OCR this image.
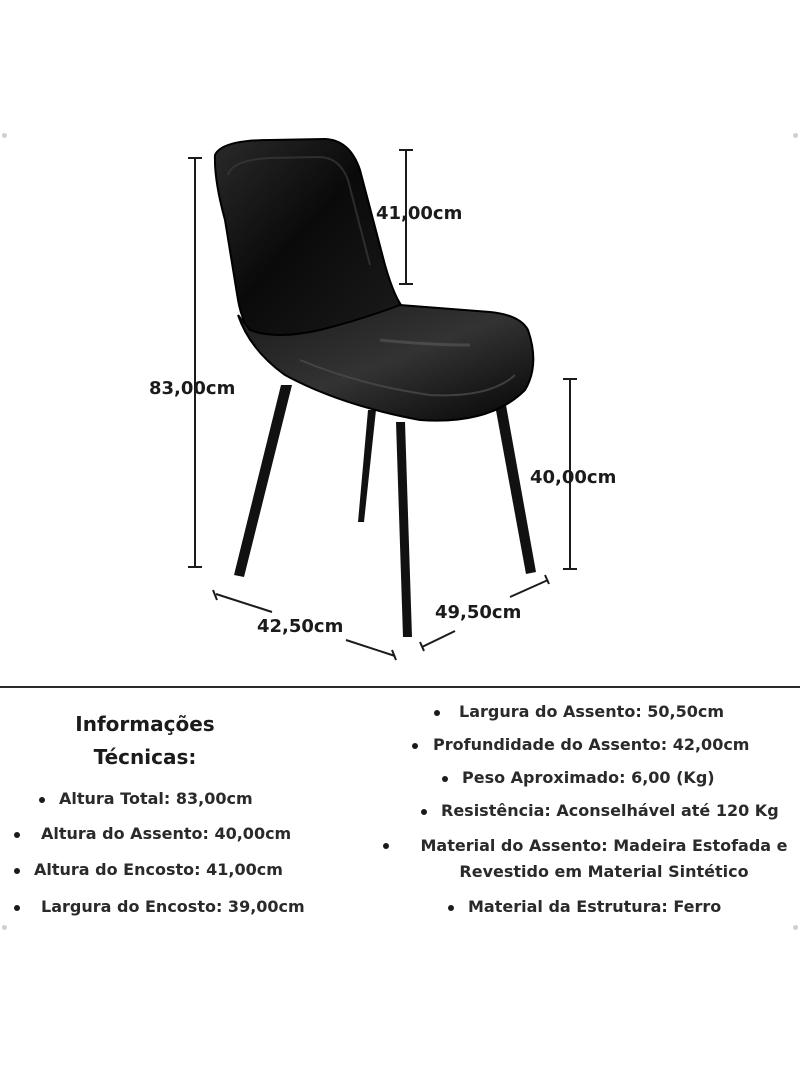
83,00cm
41,00cm
40,00cm
42,50cm
49,50cm
Informações
Técnicas:
Altura Total: 83,00cm
Altura do Assento: 40,00cm
Altura do Encosto: 41,00cm
Largura do Encosto: 39,00cm
Largura do Assento: 50,50cm
Profundidade do Assento: 42,00cm
Peso Aproximado: 6,00 (Kg)
Resistência: Aconselhável até 120 Kg
Material do Assento: Madeira Estofada e
Revestido em Material Sintético
Material da Estrutura: Ferro
